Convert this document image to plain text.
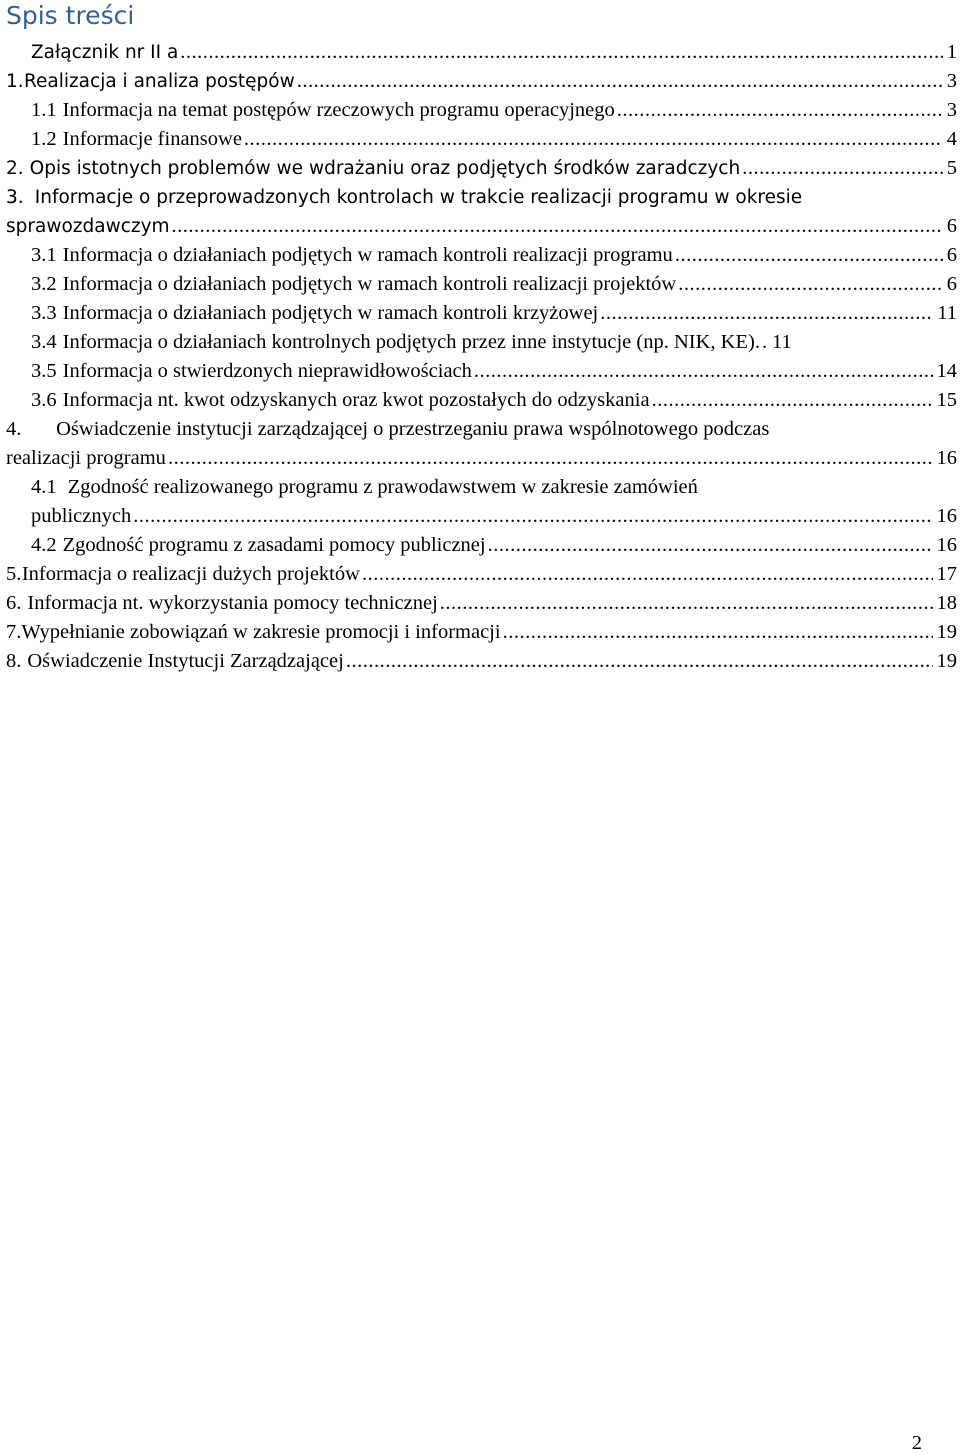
Spis treści
Załącznik nr II a .....	1
1. Realizacja i analiza postępów .....	3
1.1 Informacja na temat postępów rzeczowych programu operacyjnego .....	3
1.2 Informacje finansowe .....	4
2. Opis istotnych problemów we wdrażaniu oraz podjętych środków zaradczych .....	5
3. Informacje o przeprowadzonych kontrolach w trakcie realizacji programu w okresie
sprawozdawczym .....	6
3.1 Informacja o działaniach podjętych w ramach kontroli realizacji programu .....	6
3.2 Informacja o działaniach podjętych w ramach kontroli realizacji projektów .....	6
3.3 Informacja o działaniach podjętych w ramach kontroli krzyżowej .....	11
3.4 Informacja o działaniach kontrolnych podjętych przez inne instytucje (np. NIK, KE). ..... 11
3.5 Informacja o stwierdzonych nieprawidłowościach .....	14
3.6 Informacja nt. kwot odzyskanych oraz kwot pozostałych do odzyskania .....	15
4. Oświadczenie instytucji zarządzającej o przestrzeganiu prawa wspólnotowego podczas
realizacji programu .....	16
4.1 Zgodność realizowanego programu z prawodawstwem w zakresie zamówień
publicznych .....	16
4.2 Zgodność programu z zasadami pomocy publicznej .....	16
5. Informacja o realizacji dużych projektów .....	17
6. Informacja nt. wykorzystania pomocy technicznej .....	18
7. Wypełnianie zobowiązań w zakresie promocji i informacji .....	19
8. Oświadczenie Instytucji Zarządzającej .....	19
2
